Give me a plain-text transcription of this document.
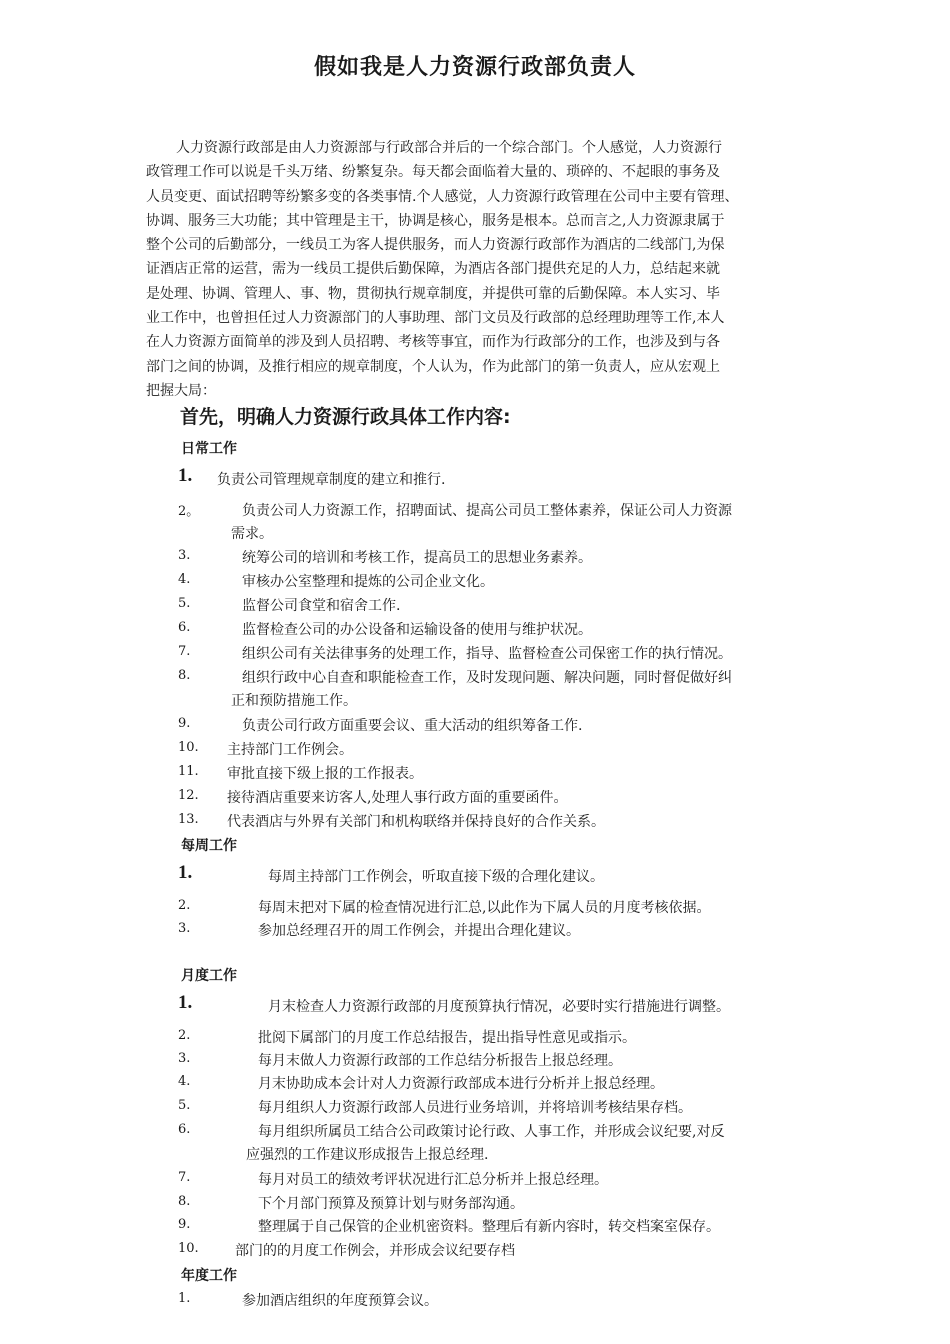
假如我是人力资源行政部负责人
人力资源行政部是由人力资源部与行政部合并后的一个综合部门。个人感觉，人力资源行
政管理工作可以说是千头万绪、纷繁复杂。每天都会面临着大量的、琐碎的、不起眼的事务及
人员变更、面试招聘等纷繁多变的各类事情.个人感觉，人力资源行政管理在公司中主要有管理、
协调、服务三大功能；其中管理是主干，协调是核心，服务是根本。总而言之,人力资源隶属于
整个公司的后勤部分，一线员工为客人提供服务，而人力资源行政部作为酒店的二线部门,为保
证酒店正常的运营，需为一线员工提供后勤保障，为酒店各部门提供充足的人力，总结起来就
是处理、协调、管理人、事、物，贯彻执行规章制度，并提供可靠的后勤保障。本人实习、毕
业工作中，也曾担任过人力资源部门的人事助理、部门文员及行政部的总经理助理等工作,本人
在人力资源方面简单的涉及到人员招聘、考核等事宜，而作为行政部分的工作，也涉及到与各
部门之间的协调，及推行相应的规章制度，个人认为，作为此部门的第一负责人，应从宏观上
把握大局：
首先，明确人力资源行政具体工作内容:
日常工作
1. 负责公司管理规章制度的建立和推行.
2。	负责公司人力资源工作，招聘面试、提高公司员工整体素养，保证公司人力资源
需求。
3.	统筹公司的培训和考核工作，提高员工的思想业务素养。
4.	审核办公室整理和提炼的公司企业文化。
5.	监督公司食堂和宿舍工作.
6.	监督检查公司的办公设备和运输设备的使用与维护状况。
7.	组织公司有关法律事务的处理工作，指导、监督检查公司保密工作的执行情况。
8.	组织行政中心自查和职能检查工作，及时发现问题、解决问题，同时督促做好纠
正和预防措施工作。
9.	负责公司行政方面重要会议、重大活动的组织筹备工作.
10. 主持部门工作例会。
11. 审批直接下级上报的工作报表。
12. 接待酒店重要来访客人,处理人事行政方面的重要函件。
13. 代表酒店与外界有关部门和机构联络并保持良好的合作关系。
每周工作
1.	每周主持部门工作例会，听取直接下级的合理化建议。
2.	每周末把对下属的检查情况进行汇总,以此作为下属人员的月度考核依据。
3.	参加总经理召开的周工作例会，并提出合理化建议。
月度工作
1.	月末检查人力资源行政部的月度预算执行情况，必要时实行措施进行调整。
2.	批阅下属部门的月度工作总结报告，提出指导性意见或指示。
3.	每月末做人力资源行政部的工作总结分析报告上报总经理。
4.	月末协助成本会计对人力资源行政部成本进行分析并上报总经理。
5.	每月组织人力资源行政部人员进行业务培训，并将培训考核结果存档。
6.	每月组织所属员工结合公司政策讨论行政、人事工作，并形成会议纪要,对反
应强烈的工作建议形成报告上报总经理.
7.	每月对员工的绩效考评状况进行汇总分析并上报总经理。
8.	下个月部门预算及预算计划与财务部沟通。
9.	整理属于自己保管的企业机密资料。整理后有新内容时，转交档案室保存。
10.	部门的的月度工作例会，并形成会议纪要存档
年度工作
1.	参加酒店组织的年度预算会议。
